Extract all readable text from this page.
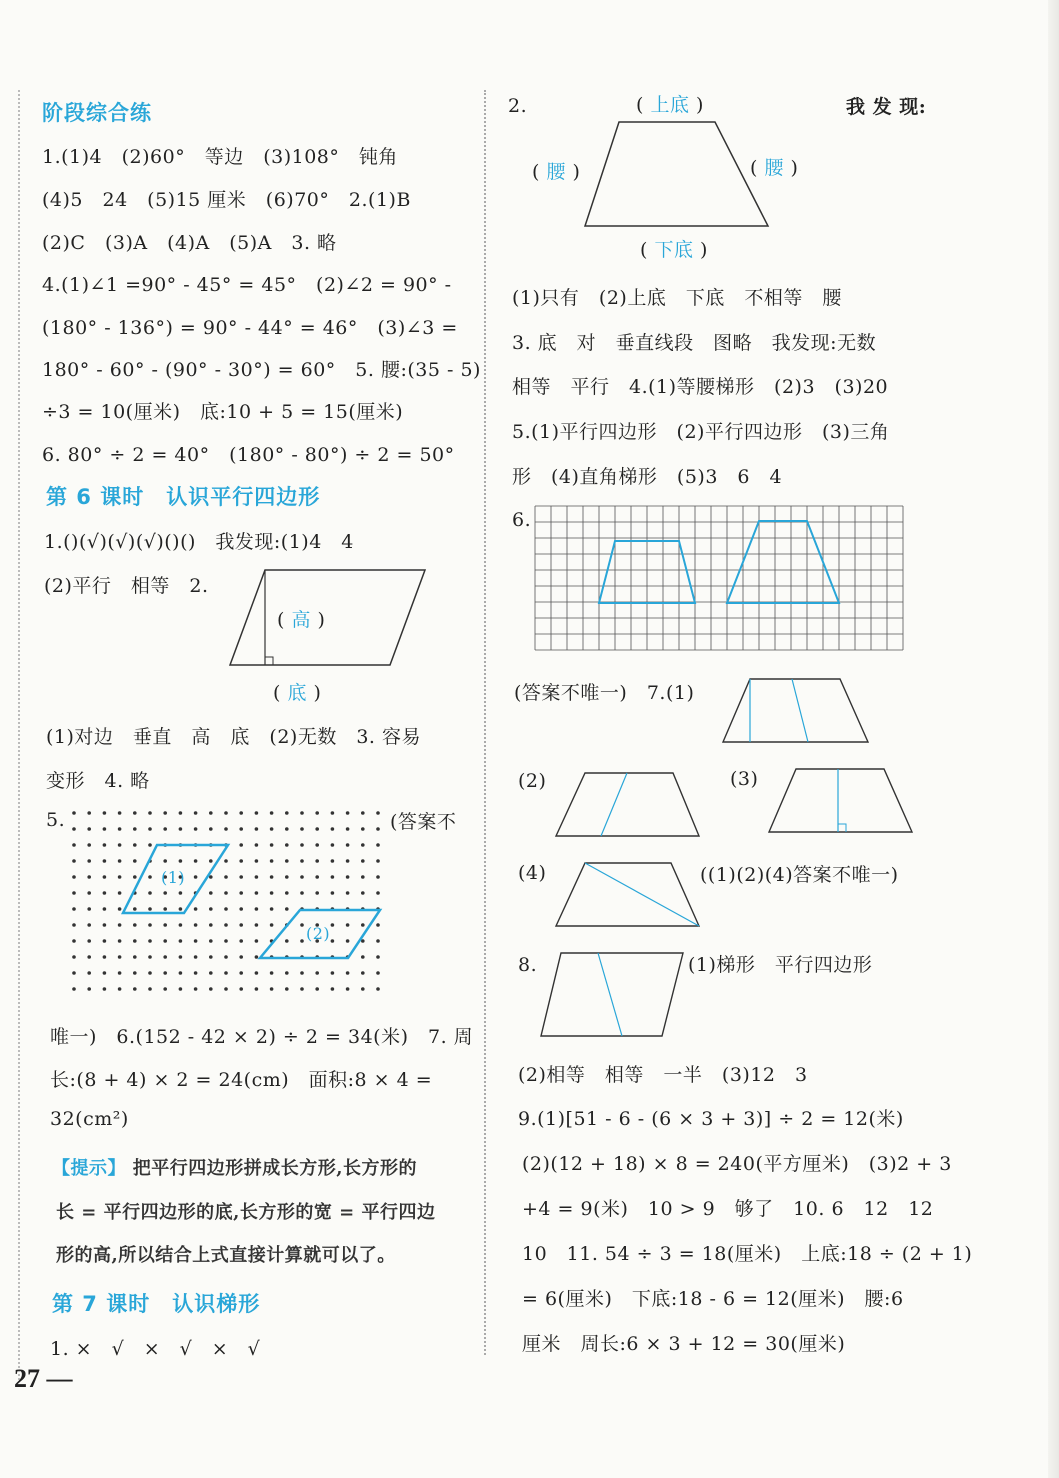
阶段综合练
1.(1)4　(2)60°　等边　(3)108°　钝角
(4)5　24　(5)15 厘米　(6)70°　2.(1)B
(2)C　(3)A　(4)A　(5)A　3. 略
4.(1)∠1 =90° - 45° = 45°　(2)∠2 = 90° -
(180° - 136°) = 90° - 44° = 46°　(3)∠3 =
180° - 60° - (90° - 30°) = 60°　5. 腰:(35 - 5)
÷3 = 10(厘米)　底:10 + 5 = 15(厘米)
6. 80° ÷ 2 = 40°　(180° - 80°) ÷ 2 = 50°
第 6 课时　认识平行四边形
1.()(√)(√)(√)()()　我发现:(1)4　4
(2)平行　相等　2.
( 高 )
( 底 )
(1)对边　垂直　高　底　(2)无数　3. 容易
变形　4. 略
5.	(答案不
(1)
(2)
唯一)　6.(152 - 42 × 2) ÷ 2 = 34(米)　7. 周
长:(8 + 4) × 2 = 24(cm)　面积:8 × 4 =
32(cm²)
【提示】 把平行四边形拼成长方形,长方形的
长 = 平行四边形的底,长方形的宽 = 平行四边
形的高,所以结合上式直接计算就可以了。
第 7 课时　认识梯形
1. ×　√　×　√　×　√
27 —
2.	( 上底 )
( 腰 )	( 腰 )
( 下底 )
我 发 现:
(1)只有　(2)上底　下底　不相等　腰
3. 底　对　垂直线段　图略　我发现:无数
相等　平行　4.(1)等腰梯形　(2)3　(3)20
5.(1)平行四边形　(2)平行四边形　(3)三角
形　(4)直角梯形　(5)3　6　4
6.
(答案不唯一)　7.(1)
(2)	(3)
(4)	((1)(2)(4)答案不唯一)
8.	(1)梯形　平行四边形
(2)相等　相等　一半　(3)12　3
9.(1)[51 - 6 - (6 × 3 + 3)] ÷ 2 = 12(米)
(2)(12 + 18) × 8 = 240(平方厘米)　(3)2 + 3
+4 = 9(米)　10 > 9　够了　10. 6　12　12
10　11. 54 ÷ 3 = 18(厘米)　上底:18 ÷ (2 + 1)
= 6(厘米)　下底:18 - 6 = 12(厘米)　腰:6
厘米　周长:6 × 3 + 12 = 30(厘米)
